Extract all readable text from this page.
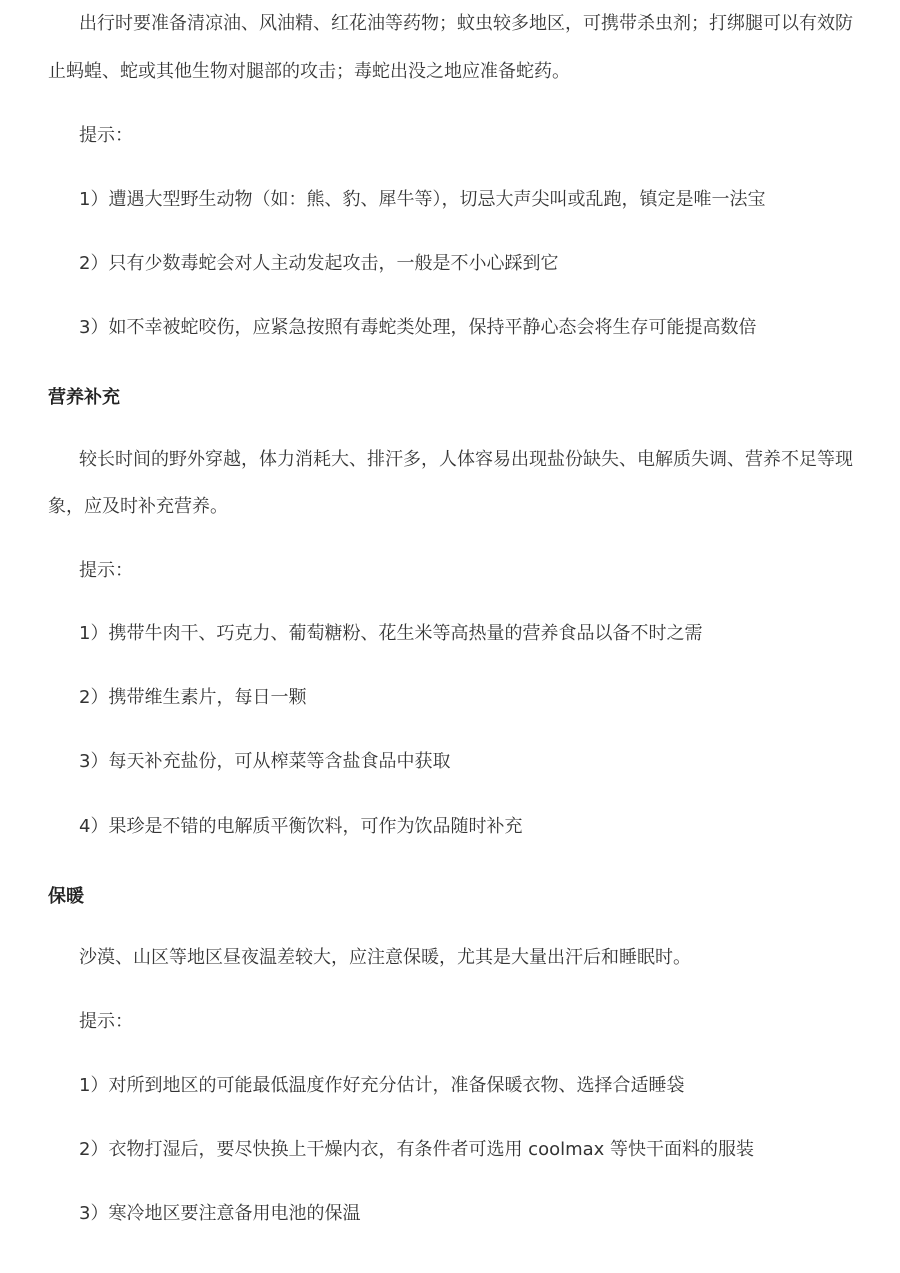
出行时要准备清凉油、风油精、红花油等药物；蚊虫较多地区，可携带杀虫剂；打绑腿可以有效防
止蚂蝗、蛇或其他生物对腿部的攻击；毒蛇出没之地应准备蛇药。
提示：
1）遭遇大型野生动物（如：熊、豹、犀牛等），切忌大声尖叫或乱跑，镇定是唯一法宝
2）只有少数毒蛇会对人主动发起攻击，一般是不小心踩到它
3）如不幸被蛇咬伤，应紧急按照有毒蛇类处理，保持平静心态会将生存可能提高数倍
营养补充
较长时间的野外穿越，体力消耗大、排汗多，人体容易出现盐份缺失、电解质失调、营养不足等现
象，应及时补充营养。
提示：
1）携带牛肉干、巧克力、葡萄糖粉、花生米等高热量的营养食品以备不时之需
2）携带维生素片，每日一颗
3）每天补充盐份，可从榨菜等含盐食品中获取
4）果珍是不错的电解质平衡饮料，可作为饮品随时补充
保暖
沙漠、山区等地区昼夜温差较大，应注意保暖，尤其是大量出汗后和睡眠时。
提示：
1）对所到地区的可能最低温度作好充分估计，准备保暖衣物、选择合适睡袋
2）衣物打湿后，要尽快换上干燥内衣，有条件者可选用 coolmax 等快干面料的服装
3）寒冷地区要注意备用电池的保温
